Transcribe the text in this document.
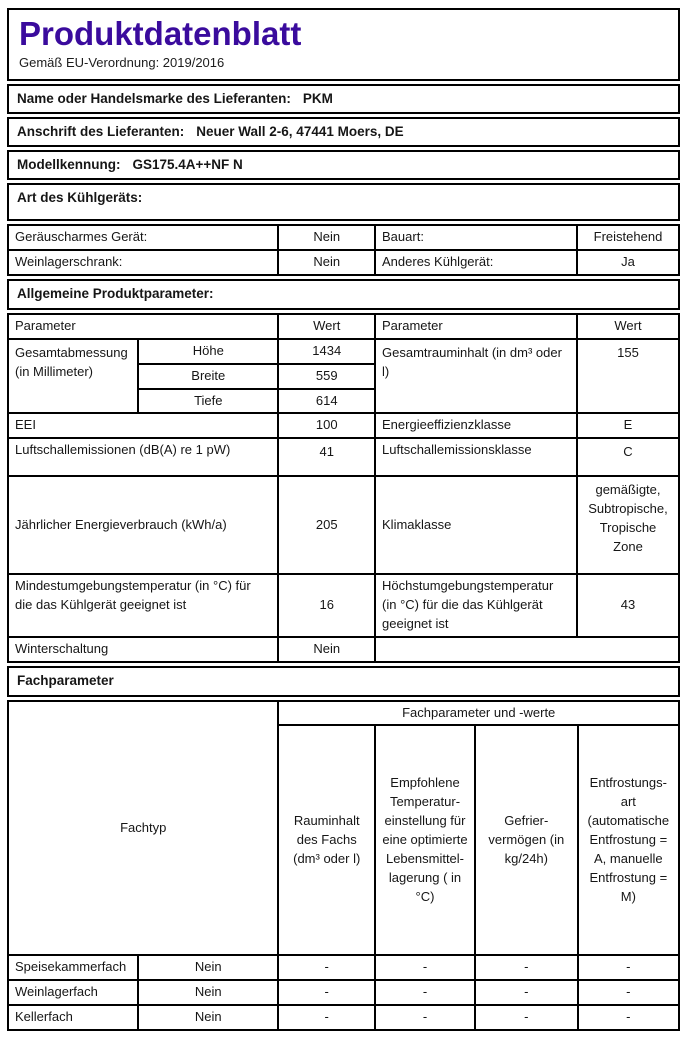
Produktdatenblatt

Gemäß EU-Verordnung: 2019/2016

Name oder Handelsmarke des Lieferanten: PKM
Anschrift des Lieferanten: Neuer Wall 2-6, 47441 Moers, DE
Modellkennung: GS175.4A++NF N
Art des Kühlgeräts:
Geräuscharmes Gerät:	Nein	Bauart:	Freistehend
Weinlagerschrank:	Nein	Anderes Kühlgerät:	Ja
Allgemeine Produktparameter:
Parameter		Wert	Parameter	Wert
Gesamtabmessung (in Millimeter)	Höhe	1434	Gesamtrauminhalt (in dm³ oder l)	155
	Breite	559		
	Tiefe	614		
EEI		100	Energieeffizienzklasse	E
Luftschallemissionen (dB(A) re 1 pW)		41	Luftschallemissionsklasse	C
Jährlicher Energieverbrauch (kWh/a)		205	Klimaklasse	gemäßigte, Subtropische, Tropische Zone
Mindestumgebungstemperatur (in °C) für die das Kühlgerät geeignet ist		16	Höchstumgebungstemperatur (in °C) für die das Kühlgerät geeignet ist	43
Winterschaltung		Nein		
Fachparameter
Fachtyp		Fachparameter und -werte			
		Rauminhalt des Fachs (dm³ oder l)	Empfohlene Temperatur-einstellung für eine optimierte Lebensmittel-lagerung ( in °C)	Gefrier-vermögen (in kg/24h)	Entfrostungs-art (automatische Entfrostung = A, manuelle Entfrostung = M)
Speisekammerfach	Nein	-	-	-	-
Weinlagerfach	Nein	-	-	-	-
Kellerfach	Nein	-	-	-	-
